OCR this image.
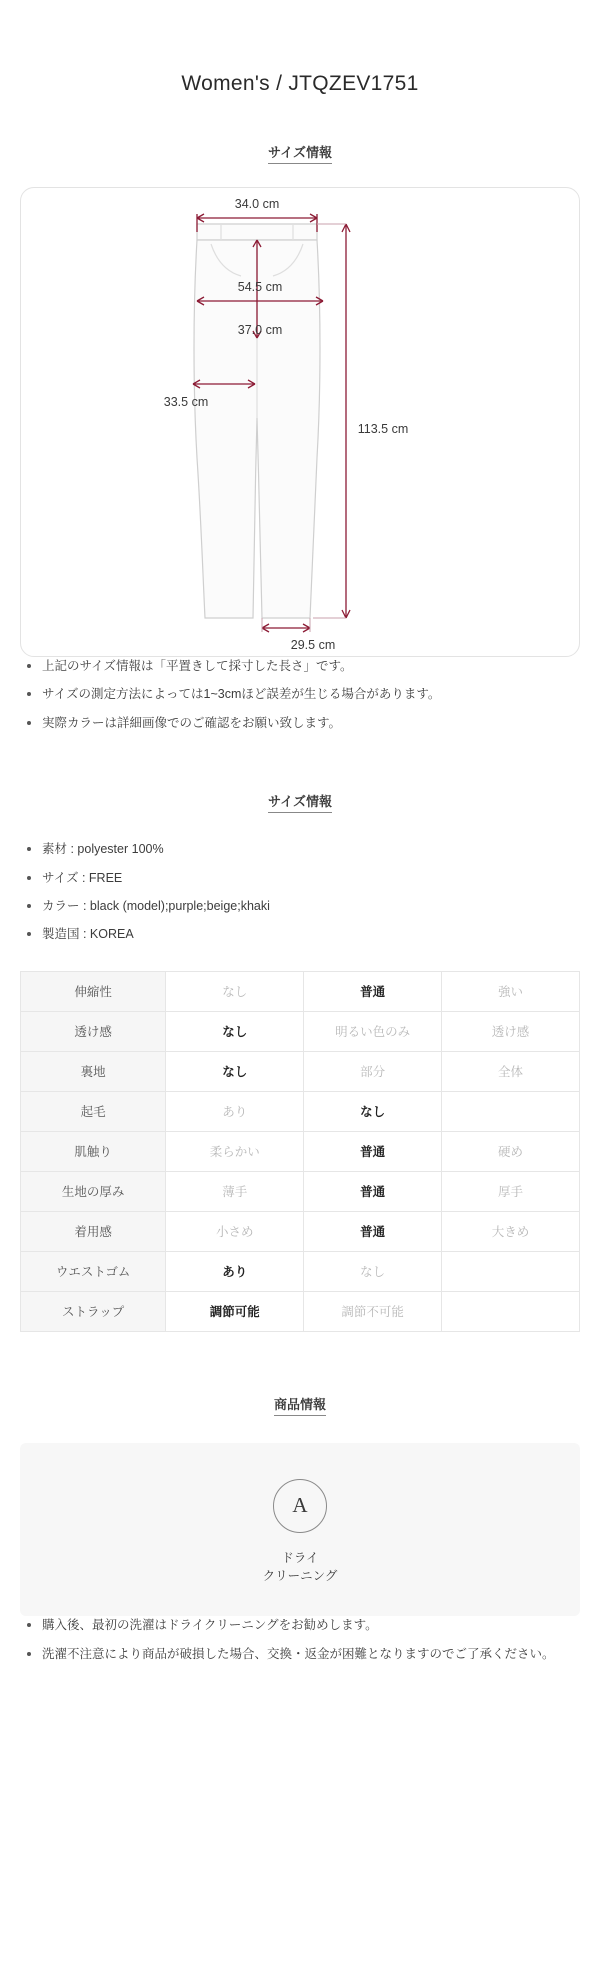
Women's / JTQZEV1751
サイズ情報
34.0 cm
54.5 cm
37.0 cm
33.5 cm
113.5 cm
29.5 cm
上記のサイズ情報は「平置きして採寸した長さ」です。
サイズの測定方法によっては1~3cmほど誤差が生じる場合があります。
実際カラーは詳細画像でのご確認をお願い致します。
サイズ情報
素材 : polyester 100%
サイズ : FREE
カラー : black (model);purple;beige;khaki
製造国 : KOREA
伸縮性	なし	普通	強い
透け感	なし	明るい色のみ	透け感
裏地	なし	部分	全体
起毛	あり	なし	
肌触り	柔らかい	普通	硬め
生地の厚み	薄手	普通	厚手
着用感	小さめ	普通	大きめ
ウエストゴム	あり	なし	
ストラップ	調節可能	調節不可能	
商品情報
A
ドライ
クリーニング
購入後、最初の洗濯はドライクリーニングをお勧めします。
洗濯不注意により商品が破損した場合、交換・返金が困難となりますのでご了承ください。
